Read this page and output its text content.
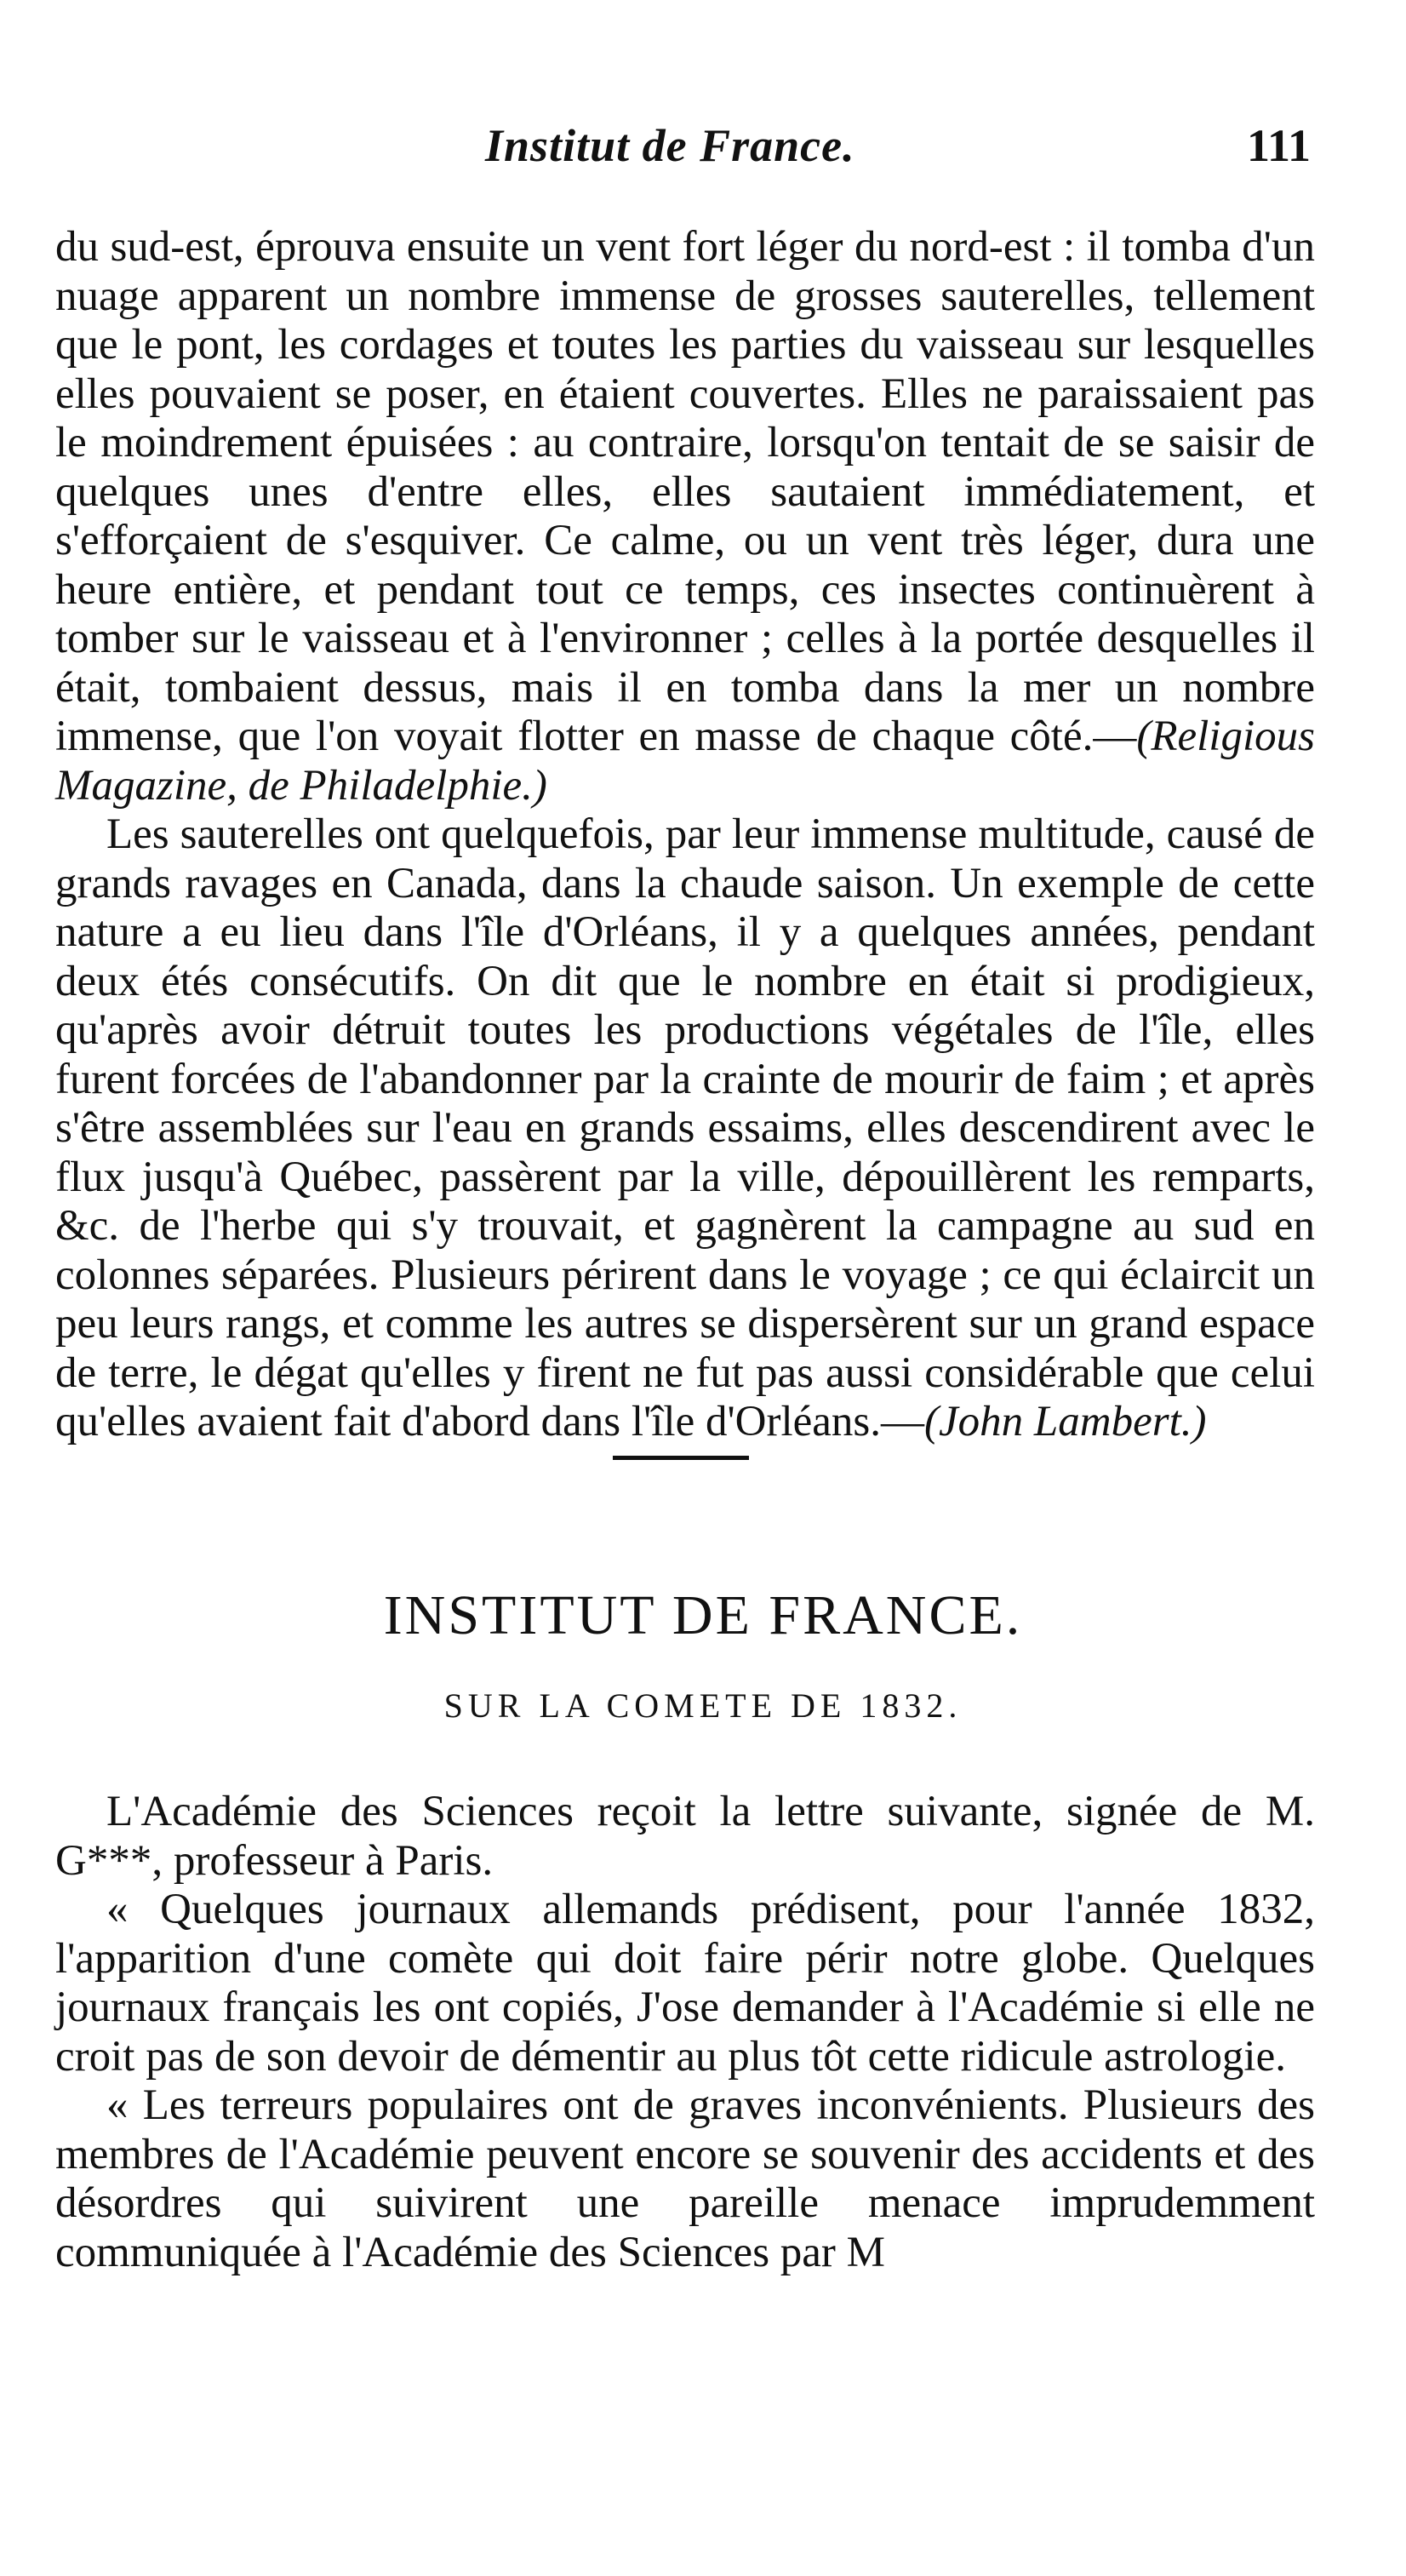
Institut de France.	111

du sud-est, éprouva ensuite un vent fort léger du nord-est : il tomba d'un nuage apparent un nombre immense de grosses sauterelles, tellement que le pont, les cordages et toutes les parties du vaisseau sur lesquelles elles pouvaient se poser, en étaient couvertes. Elles ne paraissaient pas le moindrement épuisées : au contraire, lorsqu'on tentait de se saisir de quelques unes d'entre elles, elles sautaient immédiatement, et s'efforçaient de s'esquiver. Ce calme, ou un vent très léger, dura une heure entière, et pendant tout ce temps, ces insectes continuèrent à tomber sur le vaisseau et à l'environner ; celles à la portée desquelles il était, tombaient dessus, mais il en tomba dans la mer un nombre immense, que l'on voyait flotter en masse de chaque côté.—(Religious Magazine, de Philadelphie.)

Les sauterelles ont quelquefois, par leur immense multitude, causé de grands ravages en Canada, dans la chaude saison. Un exemple de cette nature a eu lieu dans l'île d'Orléans, il y a quelques années, pendant deux étés consécutifs. On dit que le nombre en était si prodigieux, qu'après avoir détruit toutes les productions végétales de l'île, elles furent forcées de l'abandonner par la crainte de mourir de faim ; et après s'être assemblées sur l'eau en grands essaims, elles descendirent avec le flux jusqu'à Québec, passèrent par la ville, dépouillèrent les remparts, &c. de l'herbe qui s'y trouvait, et gagnèrent la campagne au sud en colonnes séparées. Plusieurs périrent dans le voyage ; ce qui éclaircit un peu leurs rangs, et comme les autres se dispersèrent sur un grand espace de terre, le dégat qu'elles y firent ne fut pas aussi considérable que celui qu'elles avaient fait d'abord dans l'île d'Orléans.—(John Lambert.)

INSTITUT DE FRANCE.
SUR LA COMETE DE 1832.

L'Académie des Sciences reçoit la lettre suivante, signée de M. G***, professeur à Paris.

« Quelques journaux allemands prédisent, pour l'année 1832, l'apparition d'une comète qui doit faire périr notre globe. Quelques journaux français les ont copiés, J'ose demander à l'Académie si elle ne croit pas de son devoir de démentir au plus tôt cette ridicule astrologie.

« Les terreurs populaires ont de graves inconvénients. Plusieurs des membres de l'Académie peuvent encore se souvenir des accidents et des désordres qui suivirent une pareille menace imprudemment communiquée à l'Académie des Sciences par M
